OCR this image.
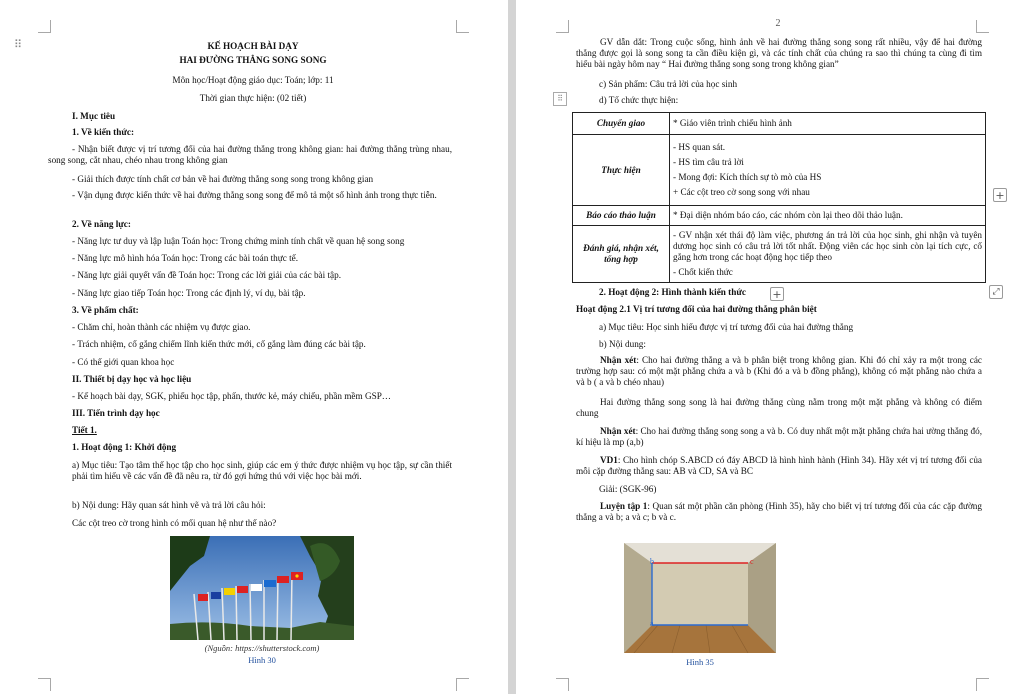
⠿	KẾ HOẠCH BÀI DẠY
HAI ĐƯỜNG THẲNG SONG SONG
Môn học/Hoạt động giáo dục: Toán; lớp: 11
Thời gian thực hiện: (02 tiết)
I. Mục tiêu
1. Về kiến thức:
- Nhận biết được vị trí tương đối của hai đường thẳng trong không gian: hai đường thẳng trùng nhau, song song, cắt nhau, chéo nhau trong không gian
- Giải thích được tính chất cơ bản về hai đường thẳng song song trong không gian
- Vận dụng được kiến thức về hai đường thẳng song song để mô tả một số hình ảnh trong thực tiễn.
2. Về năng lực:
- Năng lực tư duy và lập luận Toán học: Trong chứng minh tính chất về quan hệ song song
- Năng lực mô hình hóa Toán học: Trong các bài toán thực tế.
- Năng lực giải quyết vấn đề Toán học: Trong các lời giải của các bài tập.
- Năng lực giao tiếp Toán học: Trong các định lý, ví dụ, bài tập.
3. Về phẩm chất:
- Chăm chỉ, hoàn thành các nhiệm vụ được giao.
- Trách nhiệm, cố gắng chiếm lĩnh kiến thức mới, cố gắng làm đúng các bài tập.
- Có thế giới quan khoa học
II. Thiết bị dạy học và học liệu
- Kế hoạch bài dạy, SGK, phiếu học tập, phấn, thước kẻ, máy chiếu, phần mềm GSP…
III. Tiến trình dạy học
Tiết 1.
1. Hoạt động 1: Khởi động
a) Mục tiêu: Tạo tâm thế học tập cho học sinh, giúp các em ý thức được nhiệm vụ học tập, sự cần thiết phải tìm hiểu về các vấn đề đã nêu ra, từ đó gợi hứng thú với việc học bài mới.
b) Nội dung: Hãy quan sát hình vẽ và trả lời câu hỏi:
Các cột treo cờ trong hình có mối quan hệ như thế nào?
(Nguồn: https://shutterstock.com)
Hình 30
2
GV dẫn dắt: Trong cuộc sống, hình ảnh về hai đường thẳng song song rất nhiều, vậy để hai đường thẳng được gọi là song song ta cần điều kiện gì, và các tính chất của chúng ra sao thì chúng ta cùng đi tìm hiểu bài ngày hôm nay “ Hai đường thẳng song song trong không gian”
c) Sản phẩm: Câu trả lời của học sinh
⠿	d) Tổ chức thực hiện:
Chuyển giao	* Giáo viên trình chiếu hình ảnh

Thực hiện	- HS quan sát.
- HS tìm câu trả lời
- Mong đợi: Kích thích sự tò mò của HS
+ Các cột treo cờ song song với nhau

Báo cáo thảo luận	* Đại diện nhóm báo cáo, các nhóm còn lại theo dõi thảo luận.

Đánh giá, nhận xét, tổng hợp	- GV nhận xét thái độ làm việc, phương án trả lời của học sinh, ghi nhận và tuyên dương học sinh có câu trả lời tốt nhất. Động viên các học sinh còn lại tích cực, cố gắng hơn trong các hoạt động học tiếp theo
- Chốt kiến thức
+
2. Hoạt động 2: Hình thành kiến thức +	⤢
Hoạt động 2.1 Vị trí tương đối của hai đường thẳng phân biệt
a) Mục tiêu: Học sinh hiểu được vị trí tương đối của hai đường thẳng
b) Nội dung:
Nhận xét: Cho hai đường thẳng a và b phân biệt trong không gian. Khi đó chỉ xảy ra một trong các trường hợp sau: có một mặt phẳng chứa a và b (Khi đó a và b đồng phẳng), không có mặt phẳng nào chứa a và b ( a và b chéo nhau)
Hai đường thẳng song song là hai đường thẳng cùng nằm trong một mặt phẳng và không có điểm chung
Nhận xét: Cho hai đường thẳng song song a và b. Có duy nhất một mặt phẳng chứa hai ường thẳng đó, kí hiệu là mp (a,b)
VD1: Cho hình chóp S.ABCD có đáy ABCD là hình hình hành (Hình 34). Hãy xét vị trí tương đối của mỗi cặp đường thẳng sau: AB và CD, SA và BC
Giải: (SGK-96)
Luyện tập 1: Quan sát một phần căn phòng (Hình 35), hãy cho biết vị trí tương đối của các cặp đường thẳng a và b; a và c; b và c.
b
a
c
Hình 35
